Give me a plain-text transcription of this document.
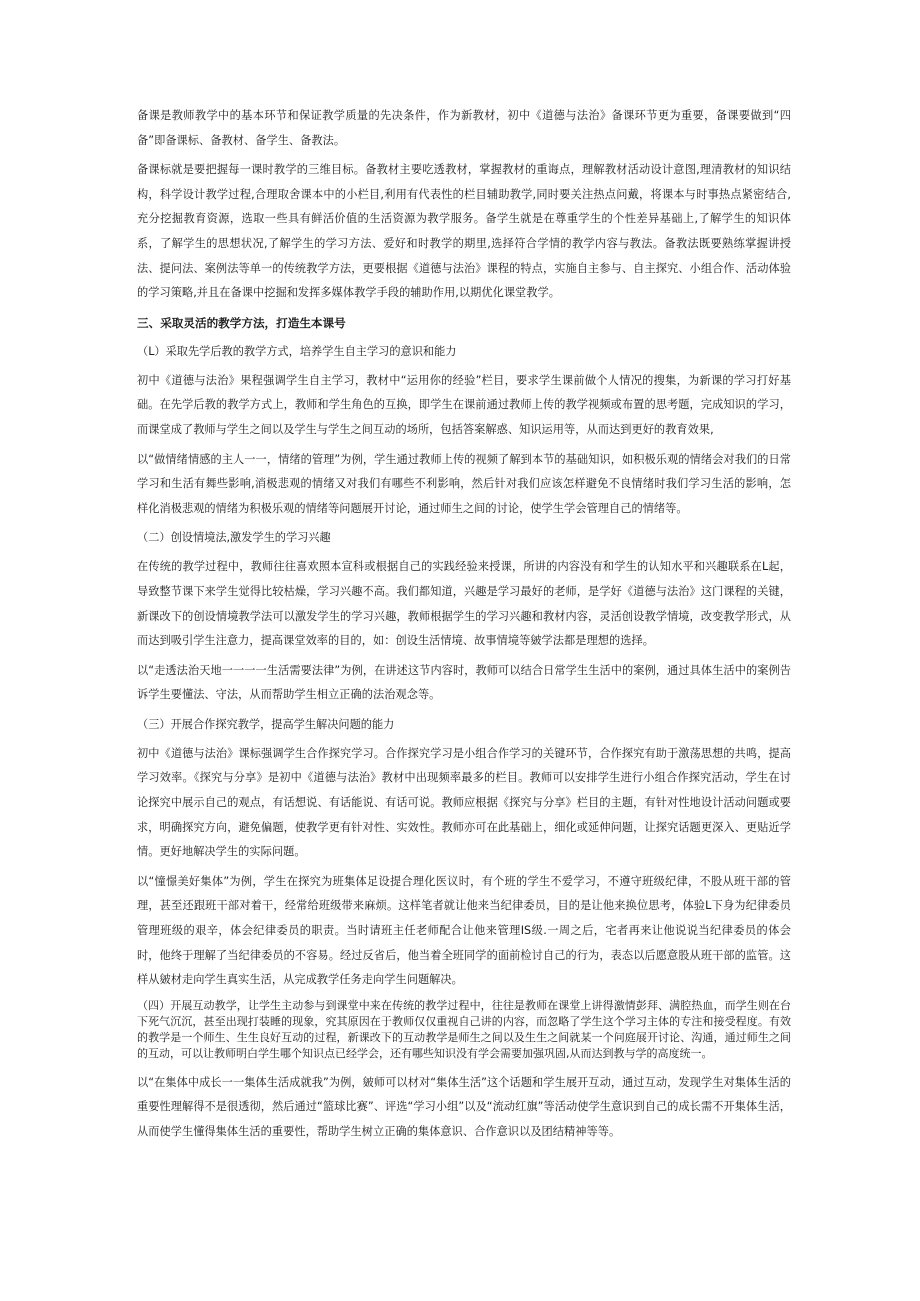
备课是教师教学中的基本环节和保证教学质量的先决条件，作为新教材，初中《道德与法治》备课环节更为重要，备课要做到“四备”即备课标、备教材、备学生、备教法。

备课标就是要把握每一课时教学的三维目标。备教材主要吃透教材，掌握教材的重诲点，理解教材活动设计意图,理清教材的知识结构，科学设计教学过程,合理取舍课本中的小栏目,利用有代表性的栏目辅助教学,同时要关注热点问戴，将课本与时事热点紧密结合,充分挖掘教育资源，选取一些具有鲜活价值的生活资源为教学服务。备学生就是在尊重学生的个性差异基础上,了解学生的知识体系，了解学生的思想状况,了解学生的学习方法、爱好和时教学的期里,选择符合学情的教学内容与教法。备教法既要熟练掌握讲授法、提问法、案例法等单一的传统教学方法，更要根据《道德与法治》课程的特点，实施自主参与、自主探究、小组合作、活动体验的学习策略,并且在备课中挖掘和发挥多媒体教学手段的辅助作用,以期优化课堂教学。

三、采取灵活的教学方法，打造生本课号

（L）采取先学后教的教学方式，培养学生自主学习的意识和能力

初中《道德与法治》果程强调学生自主学习，教材中“运用你的经验”栏目，要求学生课前做个人情况的搜集，为新课的学习打好基础。在先学后教的教学方式上，教师和学生角色的互换，即学生在课前通过教师上传的教学视频或布置的思考题，完成知识的学习，而课堂成了教师与学生之间以及学生与学生之间互动的场所，包括答案解惑、知识运用等，从而达到更好的教育效果,

以“做情绪情感的主人一一，情绪的管理”为例，学生通过教师上传的视频了解到本节的基础知识，如积极乐观的情绪会对我们的日常学习和生活有舞些影响,消极悲观的情绪又对我们有哪些不利影响，然后针对我们应该怎样避免不良情绪时我们学习生活的影响，怎样化消极悲观的情绪为积极乐观的情绪等问题展开讨论，通过师生之间的讨论，使学生学会管理自己的情绪等。

（二）创设情境法,激发学生的学习兴趣

在传统的教学过程中，教师往往喜欢照本宣科或根据自己的实践经验来授课，所讲的内容没有和学生的认知水平和兴趣联系在L起，导致整节课下来学生觉得比较枯燥，学习兴趣不高。我们都知道，兴趣是学习最好的老师，是学好《道德与法治》这门课程的关键，新课改下的创设情境教学法可以激发学生的学习兴趣，教师根据学生的学习兴趣和教材内容，灵活创设教学情境，改变教学形式，从而达到吸引学生注意力，提高课堂效率的目的，如：创设生活情境、故事情境等皴学法都是理想的选择。

以“走透法治天地一一一一生活需要法律”为例，在讲述这节内容时，教师可以结合日常学生生活中的案例，通过具体生活中的案例告诉学生要懂法、守法，从而帮助学生相立正确的法治观念等。

（三）开展合作探究教学，提高学生解决问题的能力

初中《道德与法治》课标强调学生合作探究学习。合作探究学习是小组合作学习的关键环节，合作探究有助于激荡思想的共鸣，提高学习效率。《探究与分享》是初中《道德与法治》教材中出现频率最多的栏目。教师可以安排学生进行小组合作探究活动，学生在讨论探究中展示自己的观点，有话想说、有话能说、有话可说。教师应根据《探究与分享》栏目的主题，有针对性地设计活动问题或要求，明确探究方向，避免偏题，使教学更有针对性、实效性。教师亦可在此基础上，细化或延伸问题，让探究话题更深入、更贴近学情。更好地解决学生的实际问题。

以“憧憬美好集体”为例，学生在探究为班集体足设提合理化医议时，有个班的学生不爱学习，不遵守班级纪律，不股从班干部的管理，甚至还跟班干部对着干，经常给班级带来麻烦。这样笔者就让他来当纪律委员，目的是让他来换位思考，体验L下身为纪律委员管理班级的艰辛，体会纪律委员的职责。当时请班主任老师配合让他来管理IS级.一周之后，宅者再来让他说说当纪律委员的体会时，他终于理解了当纪律委员的不容易。经过反省后，他当着全班同学的面前检讨自己的行为，表态以后愿意股从班干部的监管。这样从皴材走向学生真实生活，从完成教学任务走向学生问题解决。

（四）开展互动教学，让学生主动参与到课堂中来在传统的教学过程中，往往是教师在课堂上讲得激情彭拜、满腔热血，而学生则在台下死气沉沉，甚至出现打装睡的现象，究其原因在于教师仅仅重视自己讲的内容，而忽略了学生这个学习主体的专注和接受程度。有效的教学是一个师生、生生良好互动的过程，新课改下的互动教学是师生之间以及生生之间就某一个问庭展开讨论、沟通，通过师生之间的互动，可以让教师明白学生哪个知识点已经学会，还有哪些知识没有学会需要加强巩固,从而达到教与学的高度统一。

以“在集体中成长一一集体生活成就我”为例，皴师可以材对“集体生活”这个话题和学生展开互动，通过互动，发现学生对集体生活的重要性理解得不是很透彻，然后通过“篮球比赛”、评选“学习小组”以及“流动红旗”等活动使学生意识到自己的成长需不开集体生活，从而使学生懂得集体生活的重要性，帮助学生树立正确的集体意识、合作意识以及团结精神等等。
